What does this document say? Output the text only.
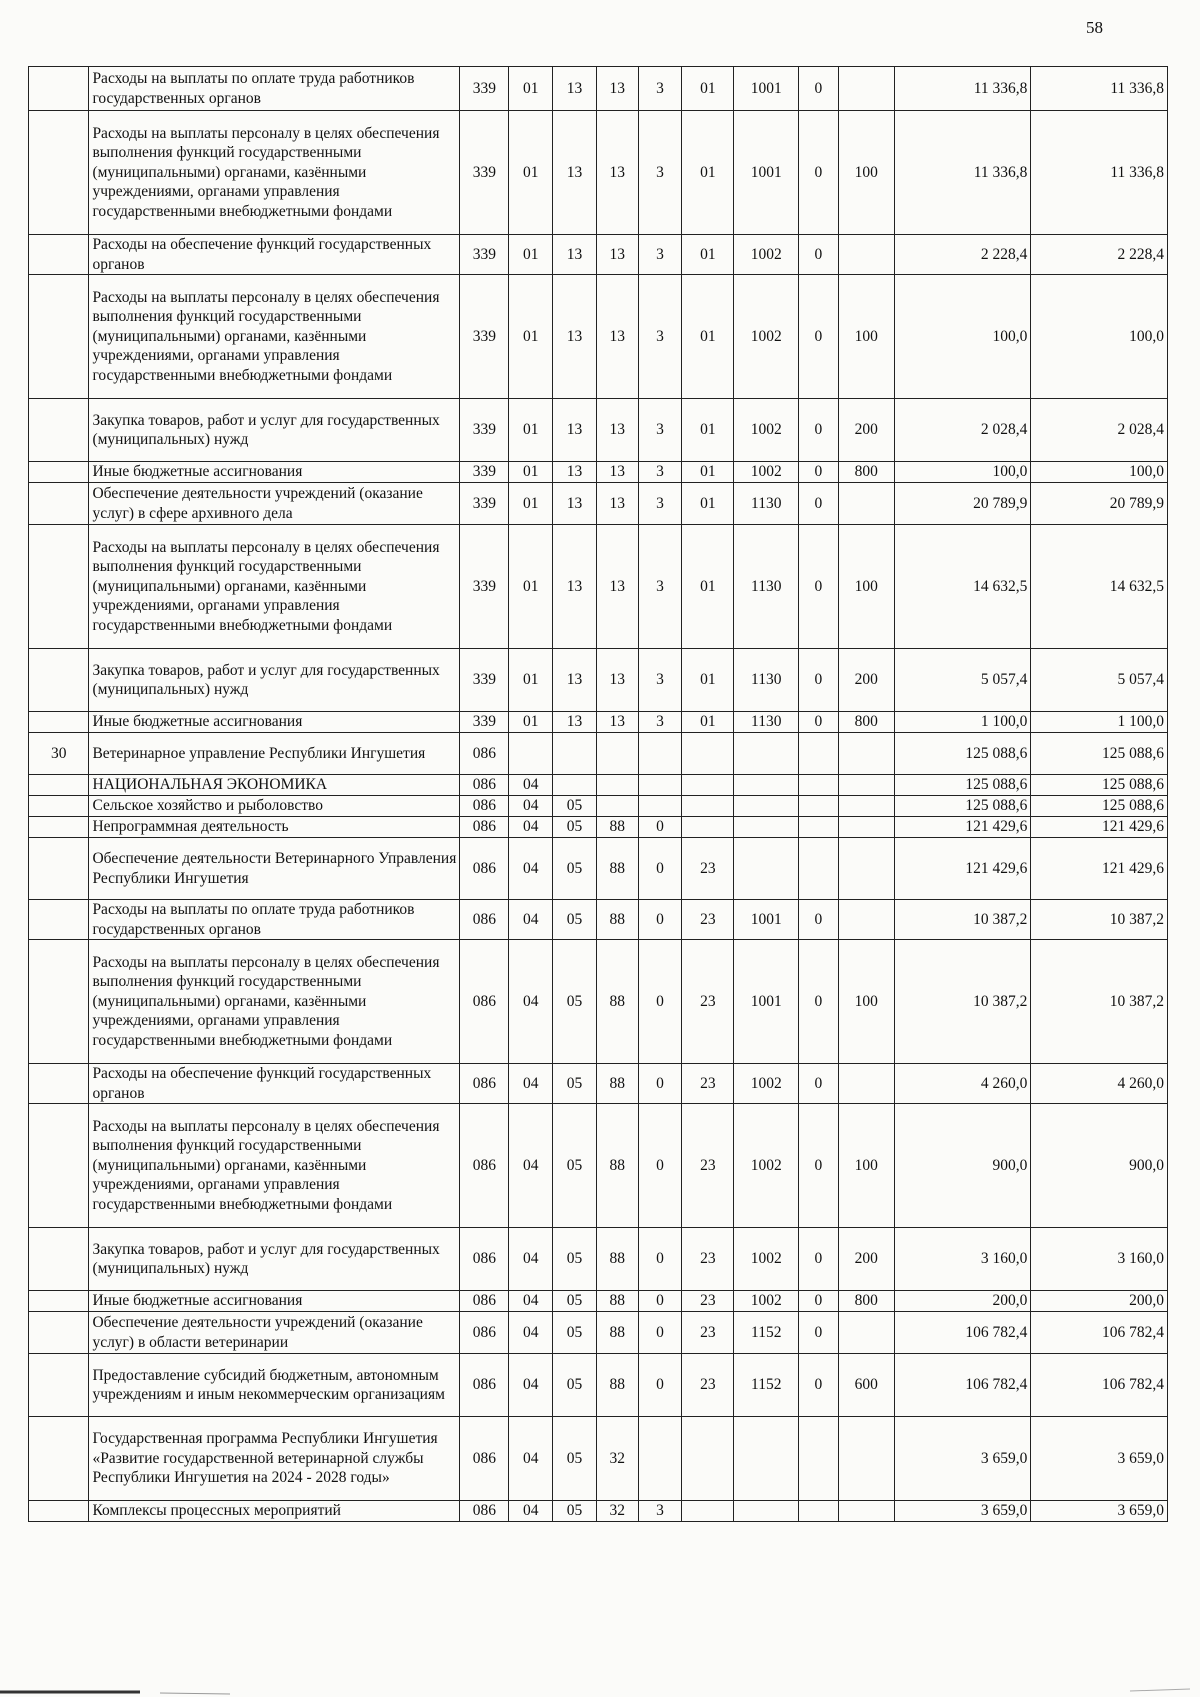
58
	Расходы на выплаты по оплате труда работников государственных органов	339	01	13	13	3	01	1001	0		11 336,8	11 336,8
	Расходы на выплаты персоналу в целях обеспечения выполнения функций государственными (муниципальными) органами, казёнными учреждениями, органами управления государственными внебюджетными фондами	339	01	13	13	3	01	1001	0	100	11 336,8	11 336,8
	Расходы на обеспечение функций государственных органов	339	01	13	13	3	01	1002	0		2 228,4	2 228,4
	Расходы на выплаты персоналу в целях обеспечения выполнения функций государственными (муниципальными) органами, казёнными учреждениями, органами управления государственными внебюджетными фондами	339	01	13	13	3	01	1002	0	100	100,0	100,0
	Закупка товаров, работ и услуг для государственных (муниципальных) нужд	339	01	13	13	3	01	1002	0	200	2 028,4	2 028,4
	Иные бюджетные ассигнования	339	01	13	13	3	01	1002	0	800	100,0	100,0
	Обеспечение деятельности учреждений (оказание услуг) в сфере архивного дела	339	01	13	13	3	01	1130	0		20 789,9	20 789,9
	Расходы на выплаты персоналу в целях обеспечения выполнения функций государственными (муниципальными) органами, казёнными учреждениями, органами управления государственными внебюджетными фондами	339	01	13	13	3	01	1130	0	100	14 632,5	14 632,5
	Закупка товаров, работ и услуг для государственных (муниципальных) нужд	339	01	13	13	3	01	1130	0	200	5 057,4	5 057,4
	Иные бюджетные ассигнования	339	01	13	13	3	01	1130	0	800	1 100,0	1 100,0
30	Ветеринарное управление Республики Ингушетия	086									125 088,6	125 088,6
	НАЦИОНАЛЬНАЯ ЭКОНОМИКА	086	04								125 088,6	125 088,6
	Сельское хозяйство и рыболовство	086	04	05							125 088,6	125 088,6
	Непрограммная деятельность	086	04	05	88	0					121 429,6	121 429,6
	Обеспечение деятельности Ветеринарного Управления Республики Ингушетия	086	04	05	88	0	23				121 429,6	121 429,6
	Расходы на выплаты по оплате труда работников государственных органов	086	04	05	88	0	23	1001	0		10 387,2	10 387,2
	Расходы на выплаты персоналу в целях обеспечения выполнения функций государственными (муниципальными) органами, казёнными учреждениями, органами управления государственными внебюджетными фондами	086	04	05	88	0	23	1001	0	100	10 387,2	10 387,2
	Расходы на обеспечение функций государственных органов	086	04	05	88	0	23	1002	0		4 260,0	4 260,0
	Расходы на выплаты персоналу в целях обеспечения выполнения функций государственными (муниципальными) органами, казёнными учреждениями, органами управления государственными внебюджетными фондами	086	04	05	88	0	23	1002	0	100	900,0	900,0
	Закупка товаров, работ и услуг для государственных (муниципальных) нужд	086	04	05	88	0	23	1002	0	200	3 160,0	3 160,0
	Иные бюджетные ассигнования	086	04	05	88	0	23	1002	0	800	200,0	200,0
	Обеспечение деятельности учреждений (оказание услуг) в области ветеринарии	086	04	05	88	0	23	1152	0		106 782,4	106 782,4
	Предоставление субсидий бюджетным, автономным учреждениям и иным некоммерческим организациям	086	04	05	88	0	23	1152	0	600	106 782,4	106 782,4
	Государственная программа Республики Ингушетия «Развитие государственной ветеринарной службы Республики Ингушетия на 2024 - 2028 годы»	086	04	05	32						3 659,0	3 659,0
	Комплексы процессных мероприятий	086	04	05	32	3					3 659,0	3 659,0
